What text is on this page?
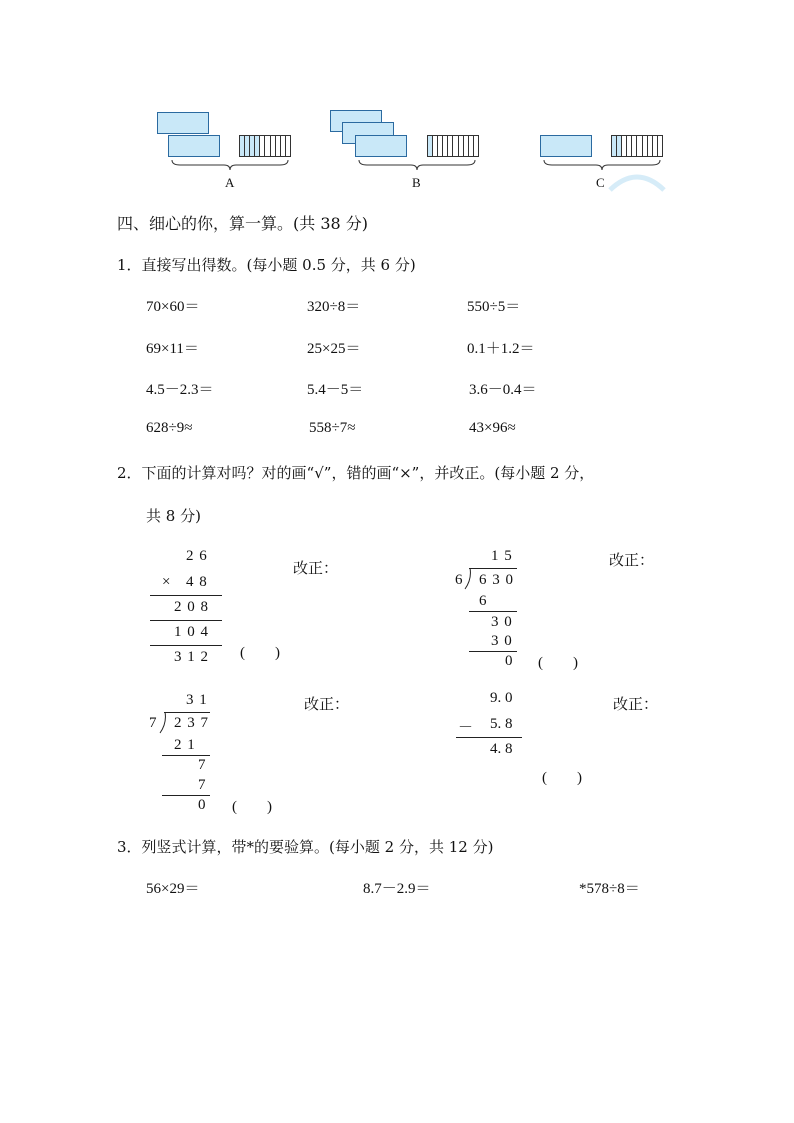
A	B	C
四、细心的你，算一算。(共 38 分)
1．直接写出得数。(每小题 0.5 分，共 6 分)
70×60＝	320÷8＝	550÷5＝
69×11＝	25×25＝	0.1＋1.2＝
4.5－2.3＝	5.4－5＝	3.6－0.4＝
628÷9≈	558÷7≈	43×96≈
2．下面的计算对吗？对的画“√”，错的画“×”，并改正。(每小题 2 分，
共 8 分)
2 6
× 4 8
2 0 8
1 0 4
3 1 2 (　　)
改正：
1 5
6 6 3 0
6
3 0
3 0
0 (　　)
改正：
3 1
7 2 3 7
2 1
7
7
0 (　　)
改正：	9. 0
－ 5. 8
4. 8
(　　)
改正：
3．列竖式计算，带*的要验算。(每小题 2 分，共 12 分)
56×29＝	8.7－2.9＝	*578÷8＝
